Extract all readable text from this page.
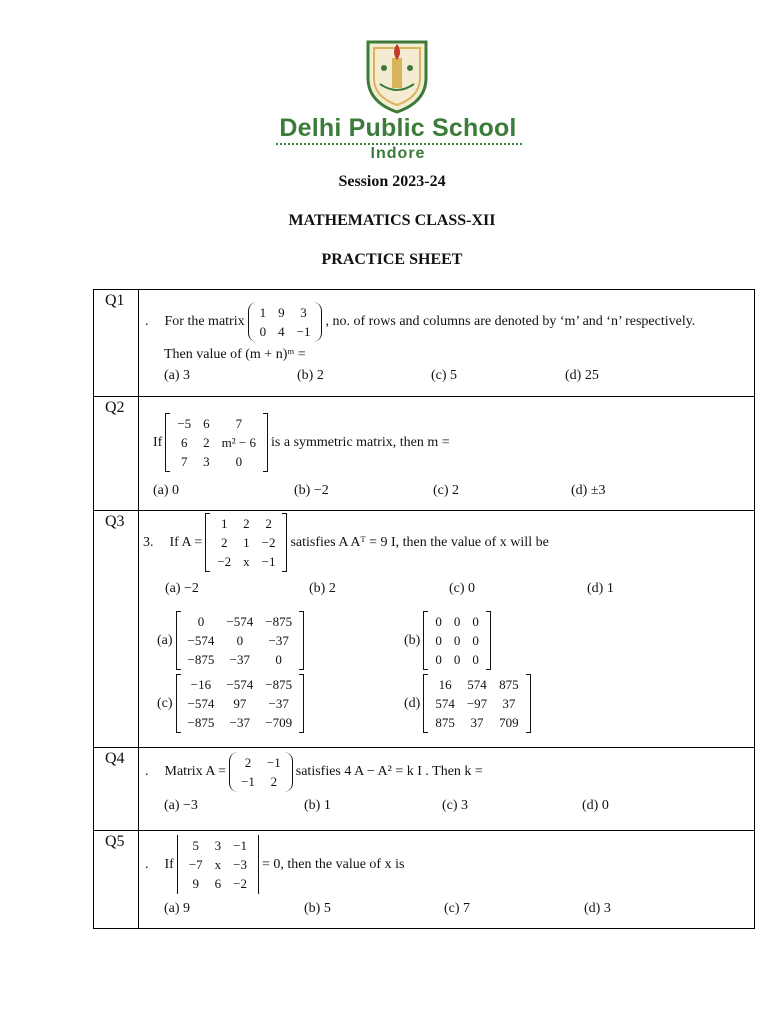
Delhi Public School
Indore
Session 2023-24
MATHEMATICS CLASS-XII
PRACTICE SHEET
Q1	
. For the matrix
1	9	3
0	4	−1
, no. of rows and columns are denoted by ‘m’ and ‘n’ respectively.
Then value of (m + n)ᵐ =
(a) 3	(b) 2	(c) 5	(d) 25

Q2	
If
−5	6	7
6	2	m² − 6
7	3	0
is a symmetric matrix, then m =
(a) 0	(b) −2	(c) 2	(d) ±3

Q3	
3. If A =
1	2	2
2	1	−2
−2	x	−1
satisfies A Aᵀ = 9 I, then the value of x will be
(a) −2	(b) 2	(c) 0	(d) 1
(a)
0	−574	−875
−574	0	−37
−875	−37	0
(b)
0	0	0
0	0	0
0	0	0
(c)
−16	−574	−875
−574	97	−37
−875	−37	−709
(d)
16	574	875
574	−97	37
875	37	709

Q4	
. Matrix A =
2	−1
−1	2
satisfies 4 A − A² = k I . Then k =
(a) −3	(b) 1	(c) 3	(d) 0

Q5	
. If
5	3	−1
−7	x	−3
9	6	−2
= 0, then the value of x is
(a) 9	(b) 5	(c) 7	(d) 3
